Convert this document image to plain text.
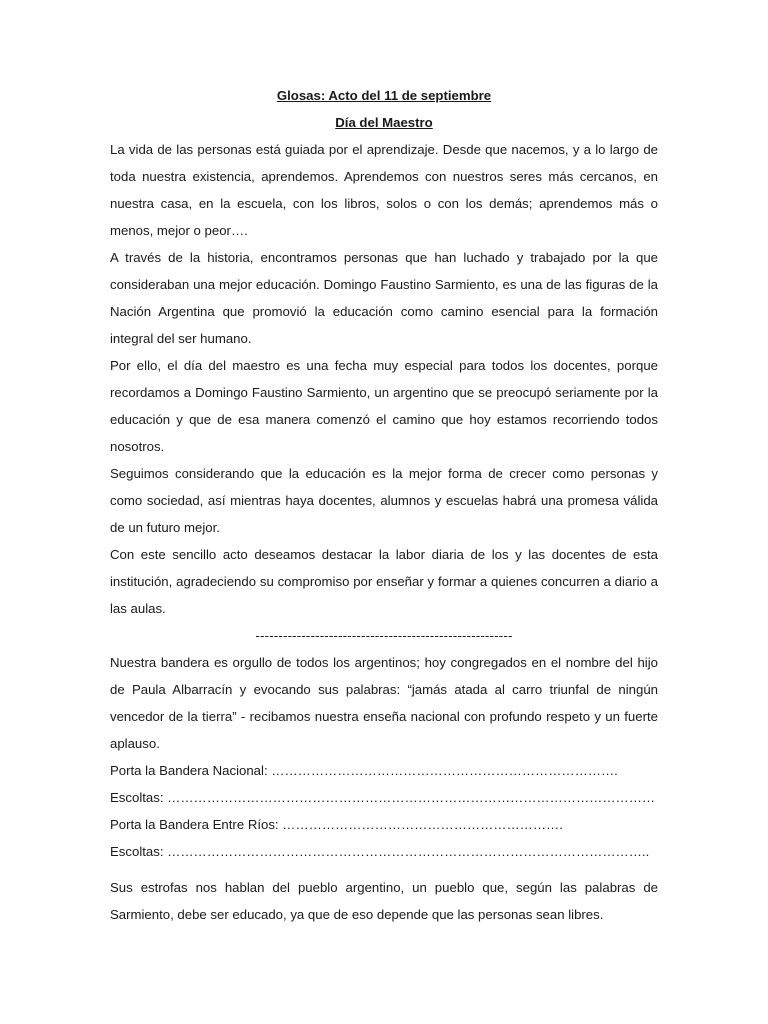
Glosas: Acto del 11 de septiembre

Día del Maestro

La vida de las personas está guiada por el aprendizaje. Desde que nacemos, y a lo largo de toda nuestra existencia, aprendemos. Aprendemos con nuestros seres más cercanos, en nuestra casa, en la escuela, con los libros, solos o con los demás; aprendemos más o menos, mejor o peor….

A través de la historia, encontramos personas que han luchado y trabajado por la que consideraban una mejor educación. Domingo Faustino Sarmiento, es una de las figuras de la Nación Argentina que promovió la educación como camino esencial para la formación integral del ser humano.

Por ello, el día del maestro es una fecha muy especial para todos los docentes, porque recordamos a Domingo Faustino Sarmiento, un argentino que se preocupó seriamente por la educación y que de esa manera comenzó el camino que hoy estamos recorriendo todos nosotros.

Seguimos considerando que la educación es la mejor forma de crecer como personas y como sociedad, así mientras haya docentes, alumnos y escuelas habrá una promesa válida de un futuro mejor.

Con este sencillo acto deseamos destacar la labor diaria de los y las docentes de esta institución, agradeciendo su compromiso por enseñar y formar a quienes concurren a diario a las aulas.

--------------------------------------------------------

Nuestra bandera es orgullo de todos los argentinos; hoy congregados en el nombre del hijo de Paula Albarracín y evocando sus palabras: “jamás atada al carro triunfal de ningún vencedor de la tierra” - recibamos nuestra enseña nacional con profundo respeto y un fuerte aplauso.

Porta la Bandera Nacional: …………………………………………………………………….

Escoltas: …………………………………………………………………………………………………

Porta la Bandera Entre Ríos: ……………………………………………………….

Escoltas: ………………………………………………………………………………………………..

Sus estrofas nos hablan del pueblo argentino, un pueblo que, según las palabras de Sarmiento, debe ser educado, ya que de eso depende que las personas sean libres.
